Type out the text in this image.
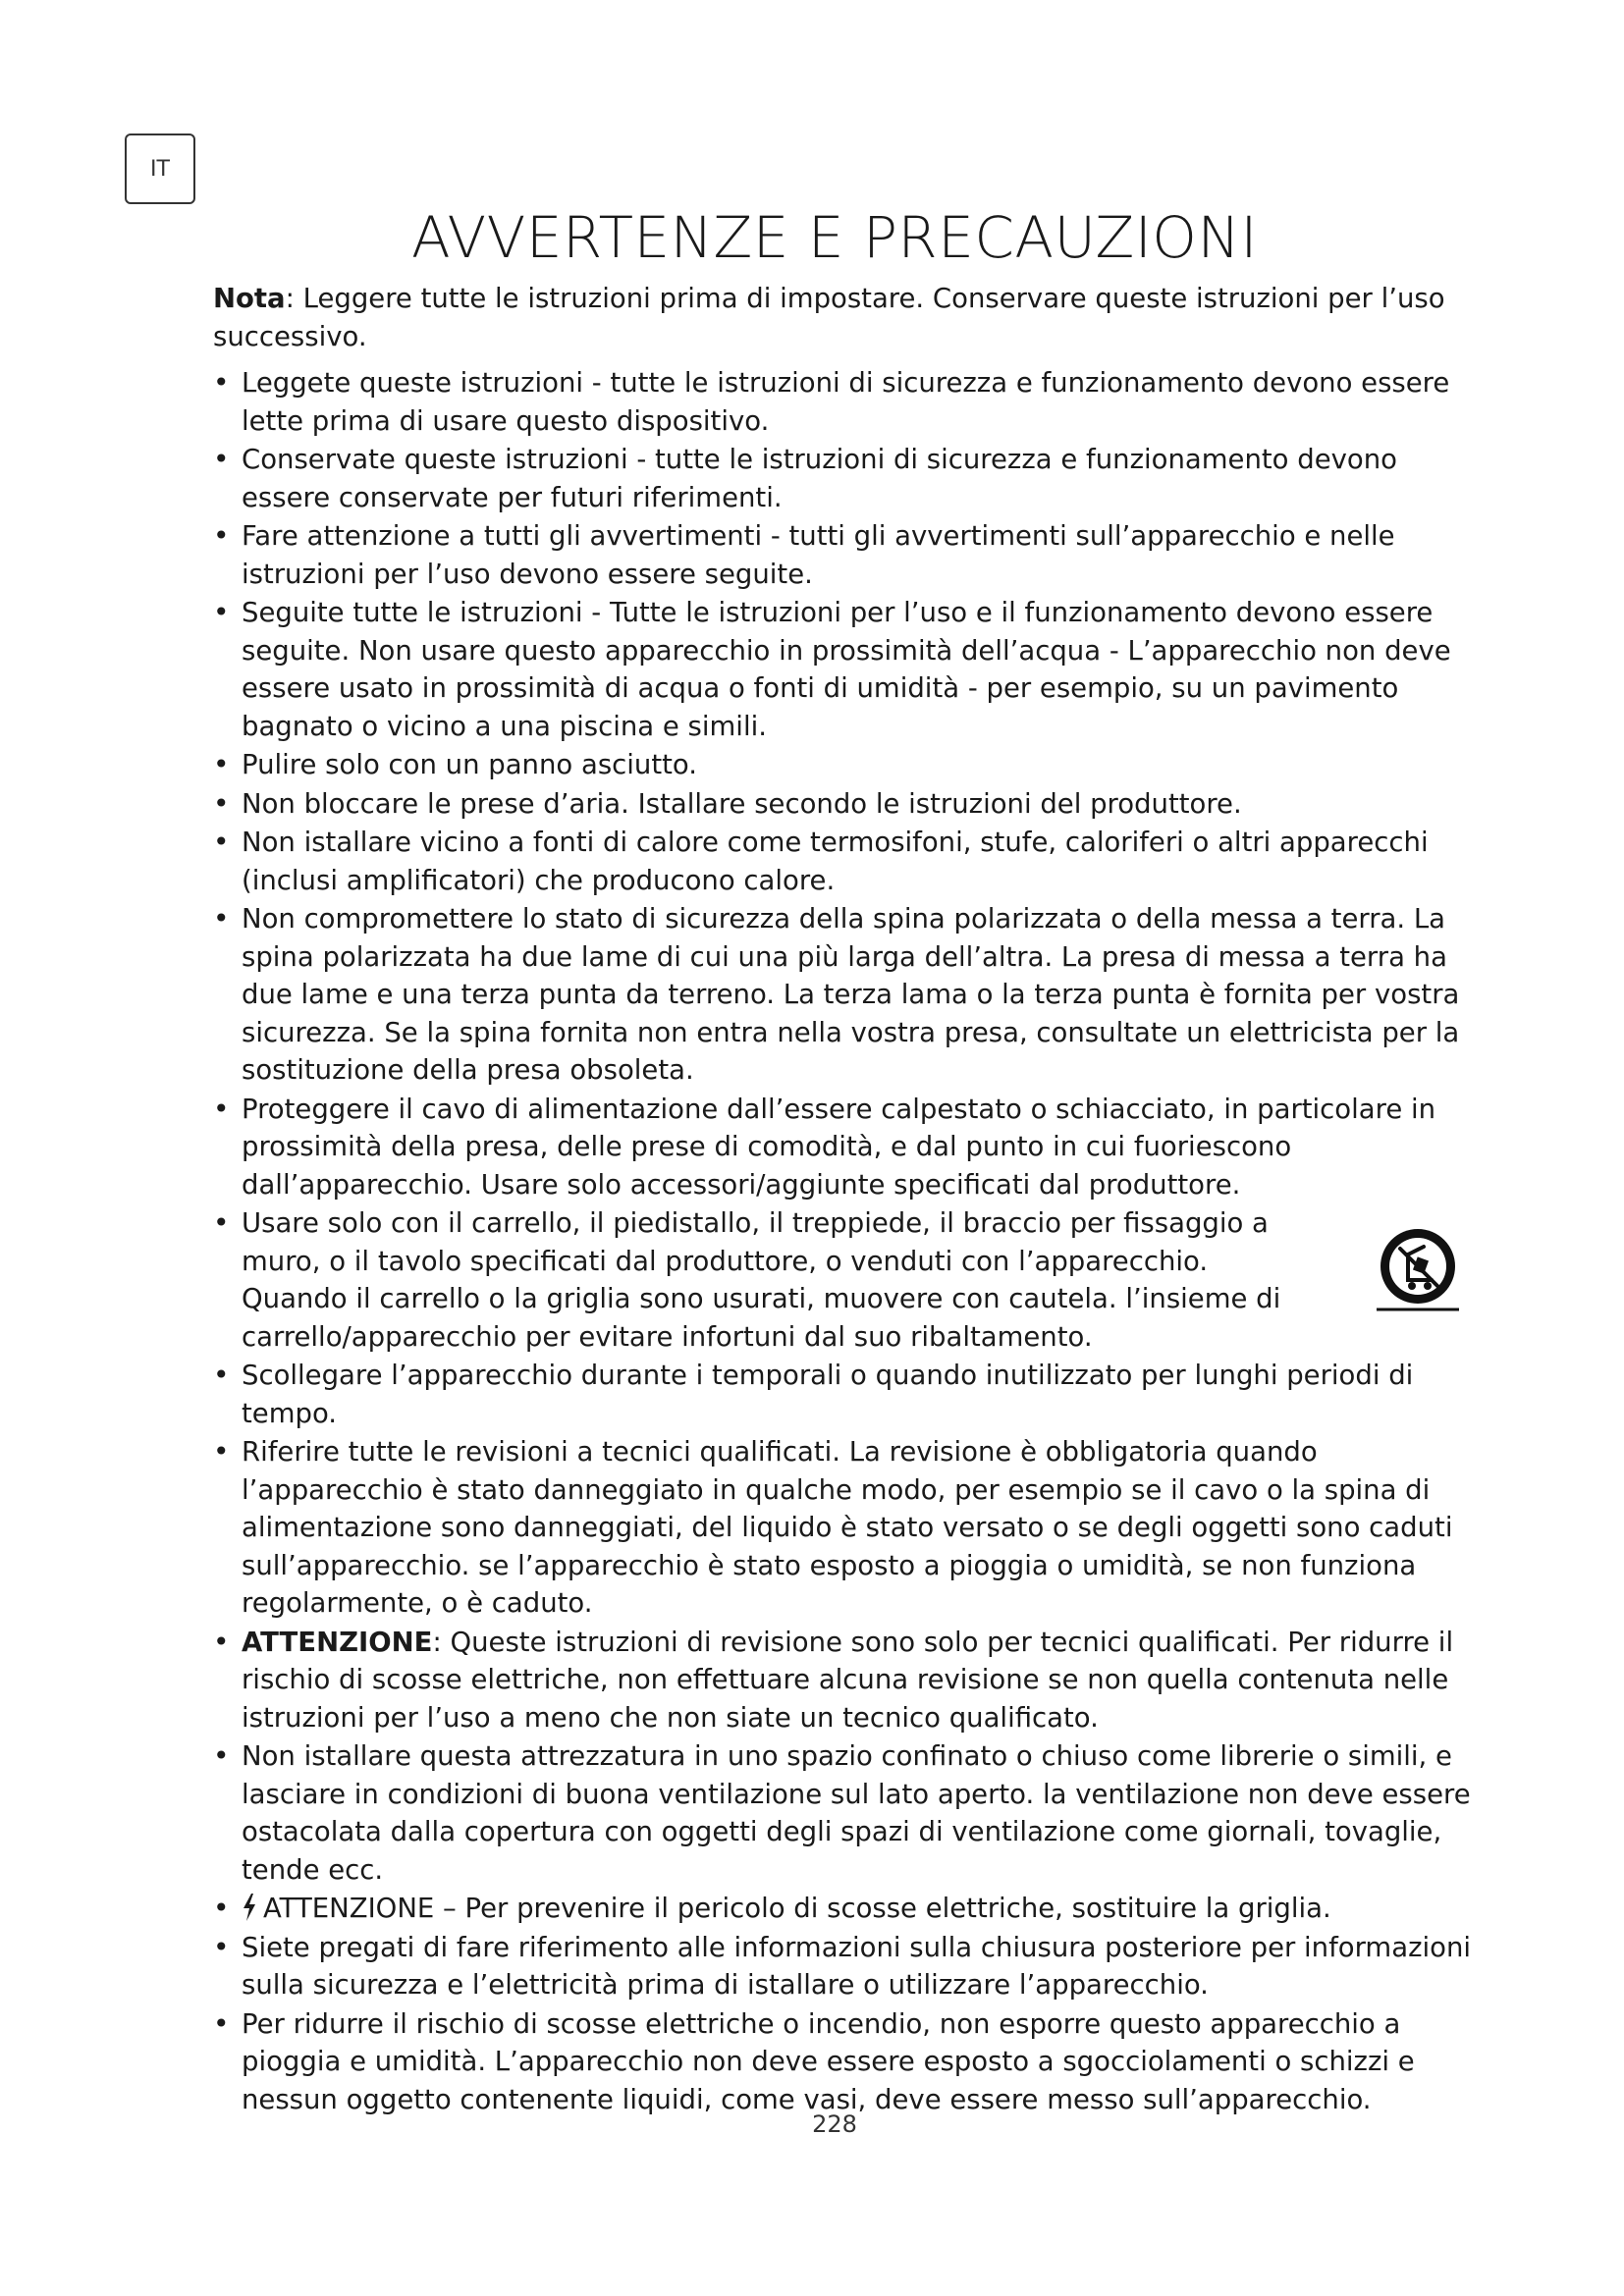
IT
AVVERTENZE E PRECAUZIONI

Nota: Leggere tutte le istruzioni prima di impostare. Conservare queste istruzioni per l’uso successivo.

• Leggete queste istruzioni - tutte le istruzioni di sicurezza e funzionamento devono essere lette prima di usare questo dispositivo.
• Conservate queste istruzioni - tutte le istruzioni di sicurezza e funzionamento devono essere conservate per futuri riferimenti.
• Fare attenzione a tutti gli avvertimenti - tutti gli avvertimenti sull’apparecchio e nelle istruzioni per l’uso devono essere seguite.
• Seguite tutte le istruzioni - Tutte le istruzioni per l’uso e il funzionamento devono essere seguite. Non usare questo apparecchio in prossimità dell’acqua - L’apparecchio non deve essere usato in prossimità di acqua o fonti di umidità - per esempio, su un pavimento bagnato o vicino a una piscina e simili.
• Pulire solo con un panno asciutto.
• Non bloccare le prese d’aria. Istallare secondo le istruzioni del produttore.
• Non istallare vicino a fonti di calore come termosifoni, stufe, caloriferi o altri apparecchi (inclusi amplificatori) che producono calore.
• Non compromettere lo stato di sicurezza della spina polarizzata o della messa a terra. La spina polarizzata ha due lame di cui una più larga dell’altra. La presa di messa a terra ha due lame e una terza punta da terreno. La terza lama o la terza punta è fornita per vostra sicurezza. Se la spina fornita non entra nella vostra presa, consultate un elettricista per la sostituzione della presa obsoleta.
• Proteggere il cavo di alimentazione dall’essere calpestato o schiacciato, in particolare in prossimità della presa, delle prese di comodità, e dal punto in cui fuoriescono dall’apparecchio. Usare solo accessori/aggiunte specificati dal produttore.
• Usare solo con il carrello, il piedistallo, il treppiede, il braccio per fissaggio a muro, o il tavolo specificati dal produttore, o venduti con l’apparecchio. Quando il carrello o la griglia sono usurati, muovere con cautela. l’insieme di carrello/apparecchio per evitare infortuni dal suo ribaltamento.
• Scollegare l’apparecchio durante i temporali o quando inutilizzato per lunghi periodi di tempo.
• Riferire tutte le revisioni a tecnici qualificati. La revisione è obbligatoria quando l’apparecchio è stato danneggiato in qualche modo, per esempio se il cavo o la spina di alimentazione sono danneggiati, del liquido è stato versato o se degli oggetti sono caduti sull’apparecchio. se l’apparecchio è stato esposto a pioggia o umidità, se non funziona regolarmente, o è caduto.
• ATTENZIONE: Queste istruzioni di revisione sono solo per tecnici qualificati. Per ridurre il rischio di scosse elettriche, non effettuare alcuna revisione se non quella contenuta nelle istruzioni per l’uso a meno che non siate un tecnico qualificato.
• Non istallare questa attrezzatura in uno spazio confinato o chiuso come librerie o simili, e lasciare in condizioni di buona ventilazione sul lato aperto. la ventilazione non deve essere ostacolata dalla copertura con oggetti degli spazi di ventilazione come giornali, tovaglie, tende ecc.
• ATTENZIONE – Per prevenire il pericolo di scosse elettriche, sostituire la griglia.
• Siete pregati di fare riferimento alle informazioni sulla chiusura posteriore per informazioni sulla sicurezza e l’elettricità prima di istallare o utilizzare l’apparecchio.
• Per ridurre il rischio di scosse elettriche o incendio, non esporre questo apparecchio a pioggia e umidità. L’apparecchio non deve essere esposto a sgocciolamenti o schizzi e nessun oggetto contenente liquidi, come vasi, deve essere messo sull’apparecchio.
228
